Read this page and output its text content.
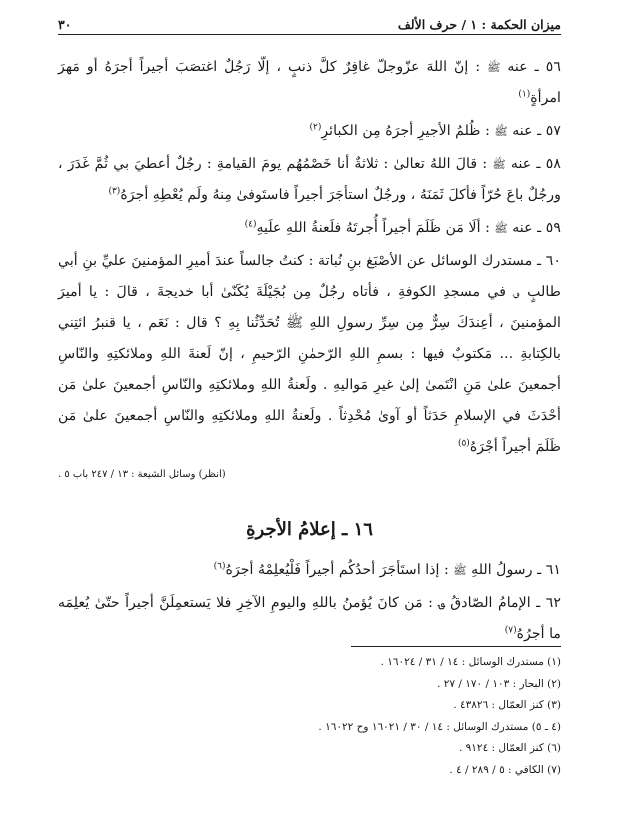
ميزان الحكمة : ١ / حرف الألف
٣٠

٥٦ ـ عنه ﷺ : إنّ اللهَ عزّوجلّ غافِرٌ كلَّ ذنبٍ ، إلّا رَجُلٌ اغتصَبَ أجيراً أجرَهُ أو مَهرَ امرأةٍ$^{(١)}$

٥٧ ـ عنه ﷺ : ظُلمُ الأجيرِ أجرَهُ مِن الكبائرِ$^{(٢)}$

٥٨ ـ عنه ﷺ : قالَ اللهُ تعالىٰ : ثلاثةٌ أنا خَصْمُهُم يومَ القيامةِ : رجُلٌ أعطيَ بي ثُمَّ غَدَرَ ، ورجُلٌ باعَ حُرّاً فأكلَ ثَمَنَهُ ، ورجُلٌ استأجَرَ أجيراً فاستَوفىٰ مِنهُ ولَم يُعْطِهِ أجرَهُ$^{(٣)}$

٥٩ ـ عنه ﷺ : ألَا مَن ظَلَمَ أجيراً أُجرتَهُ فلَعنةُ اللهِ علَيهِ$^{(٤)}$

٦٠ ـ مستدرك الوسائل عن الأصْبَغ بنِ نُباتة : كنتُ جالساً عندَ أميرِ المؤمنينَ عليِّ بنِ أبي طالبٍ ؈ في مسجدِ الكوفةِ ، فأتاه رجُلٌ مِن بُجَيْلَةَ يُكَنّىٰ أبا خديجةَ ، قالَ : يا أميرَ المؤمنينَ ، أعِندَكَ سِرٌّ مِن سِرِّ رسولِ اللهِ ﷺ تُحَدِّثُنا بِهِ ؟ قال : نَعَم ، يا قنبرُ ائتِني بالكِتابةِ ... مَكتوبٌ فيها : بسمِ اللهِ الرّحمٰنِ الرّحيمِ ، إنّ لَعنةَ اللهِ وملائكتِهِ والنّاسِ أجمعينَ علىٰ مَنِ انْتَمىٰ إلىٰ غيرِ مَواليهِ . ولَعنةُ اللهِ وملائكتِهِ والنّاسِ أجمعينَ علىٰ مَن أحْدَثَ في الإسلامِ حَدَثاً أو آوىٰ مُحْدِثاً . ولَعنةُ اللهِ وملائكتِهِ والنّاسِ أجمعينَ علىٰ مَن ظَلَمَ أجيراً أجْرَهُ$^{(٥)}$

(انظر) وسائل الشيعة : ١٣ / ٢٤٧ باب ٥ .

١٦ ـ إعلامُ الأجرةِ

٦١ ـ رسولُ اللهِ ﷺ : إذا استَأجَرَ أحدُكُم أجيراً فَلْيُعلِمْهُ أجرَهُ$^{(٦)}$

٦٢ ـ الإمامُ الصّادقُ ؈ : مَن كانَ يُؤمنُ باللهِ واليومِ الآخِرِ فلا يَستعمِلَنَّ أجيراً حتّىٰ يُعلِمَه ما أجرُهُ$^{(٧)}$

(١) مستدرك الوسائل : ١٤ / ٣١ / ١٦٠٢٤ .
(٢) البحار : ١٠٣ / ١٧٠ / ٢٧ .
(٣) كنز العمّال : ٤٣٨٢٦ .
(٤ ـ ٥) مستدرك الوسائل : ١٤ / ٣٠ / ١٦٠٢١ وح ١٦٠٢٢ .
(٦) كنز العمّال : ٩١٢٤ .
(٧) الكافي : ٥ / ٢٨٩ / ٤ .
